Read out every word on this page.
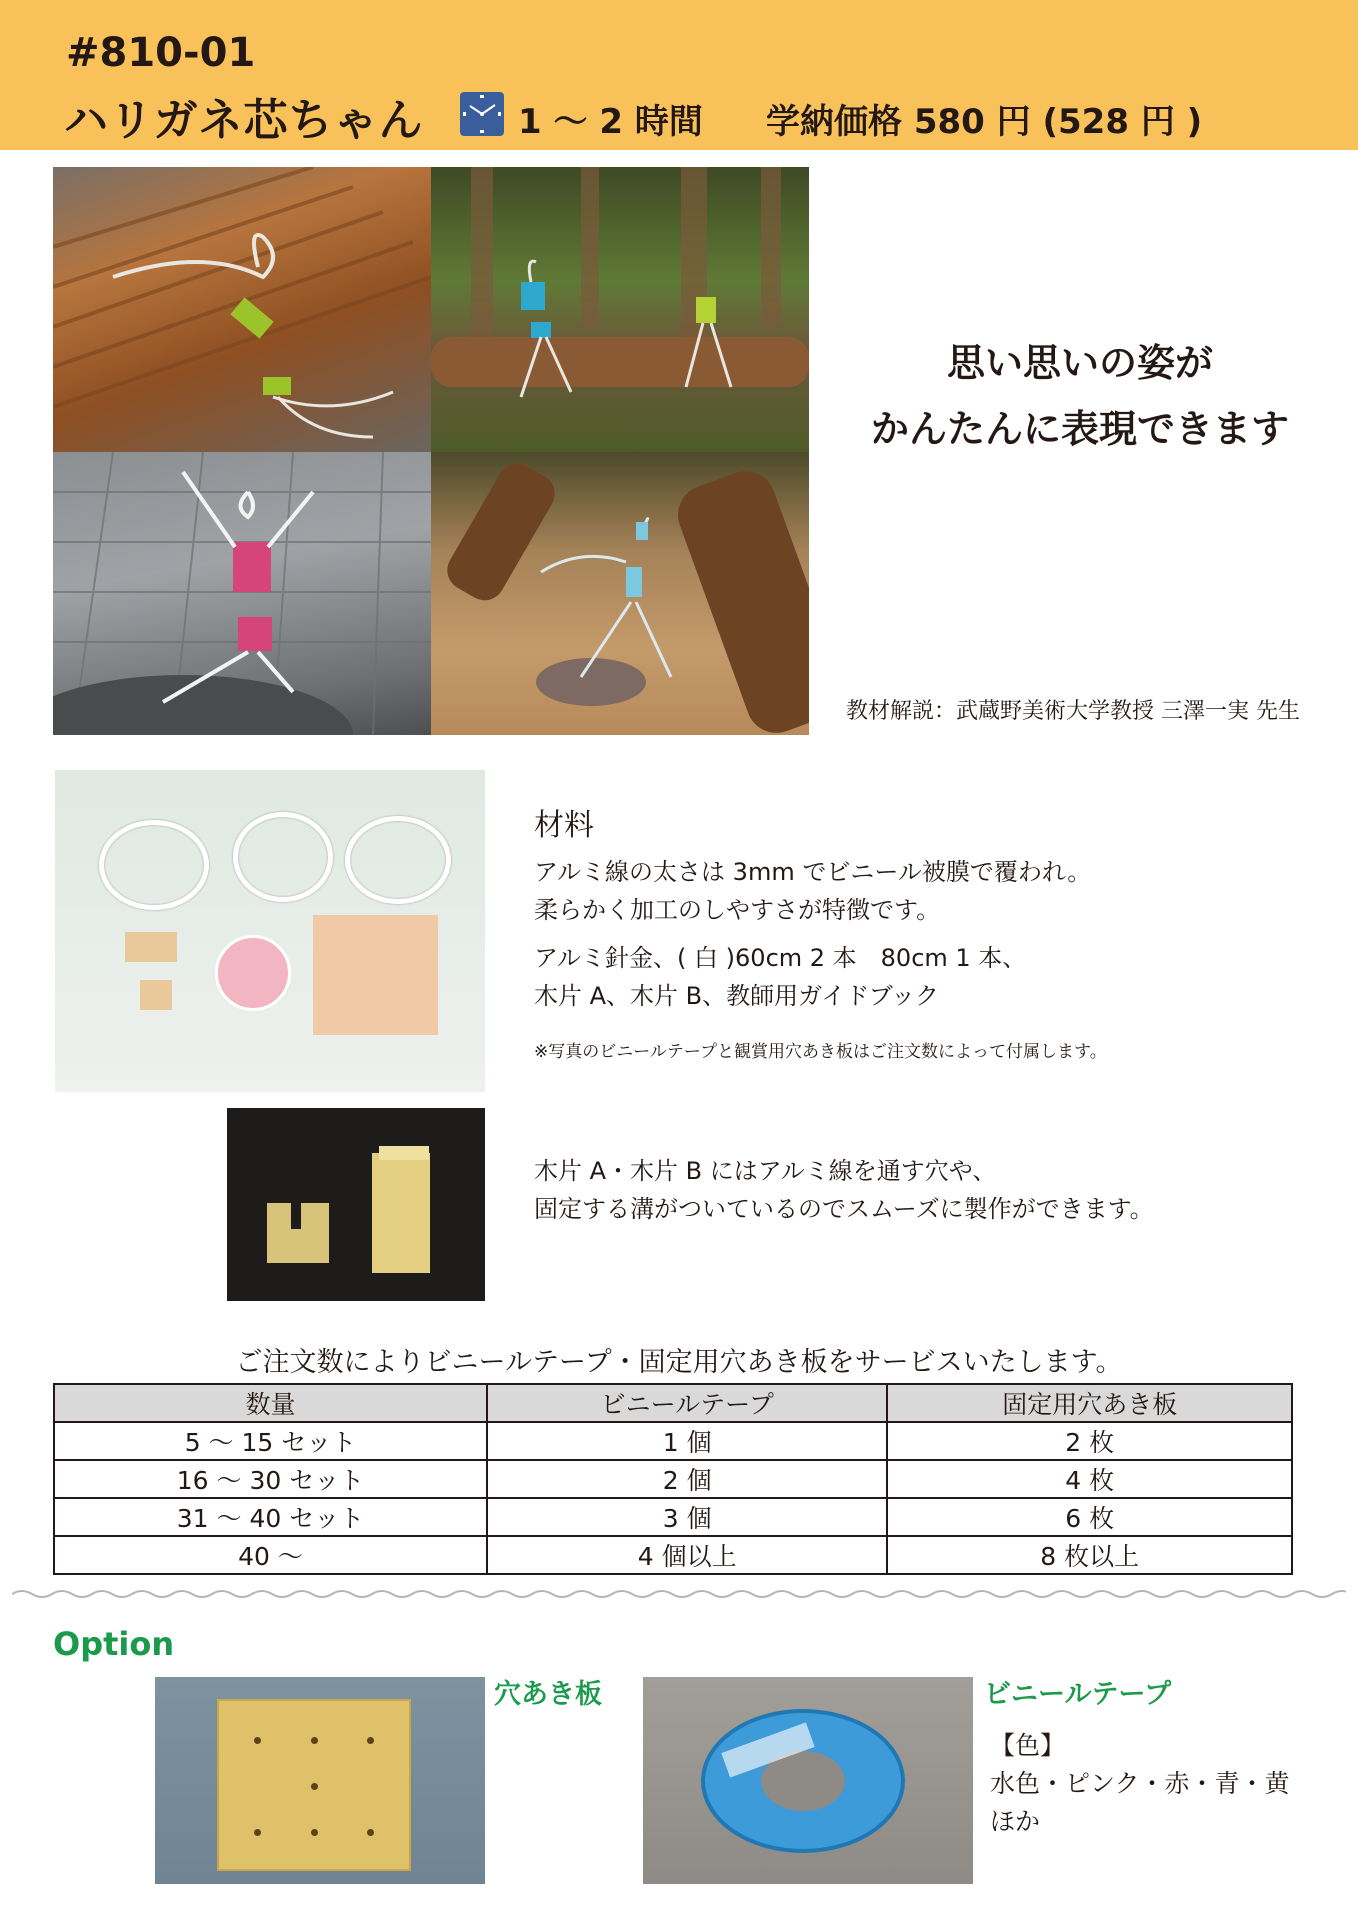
#810-01
ハリガネ芯ちゃん	1 ～ 2 時間 学納価格 580 円 (528 円 )
思い思いの姿が
かんたんに表現できます
教材解説：武蔵野美術大学教授 三澤一実 先生
材料
アルミ線の太さは 3mm でビニール被膜で覆われ。
柔らかく加工のしやすさが特徴です。
アルミ針金、( 白 )60cm 2 本　80cm 1 本、
木片 A、木片 B、教師用ガイドブック
※写真のビニールテープと観賞用穴あき板はご注文数によって付属します。
木片 A・木片 B にはアルミ線を通す穴や、
固定する溝がついているのでスムーズに製作ができます。
ご注文数によりビニールテープ・固定用穴あき板をサービスいたします。
数量	ビニールテープ	固定用穴あき板
5 ～ 15 セット	1 個	2 枚
16 ～ 30 セット	2 個	4 枚
31 ～ 40 セット	3 個	6 枚
40 ～	4 個以上	8 枚以上
Option
穴あき板	ビニールテープ
【色】
水色・ピンク・赤・青・黄
ほか
